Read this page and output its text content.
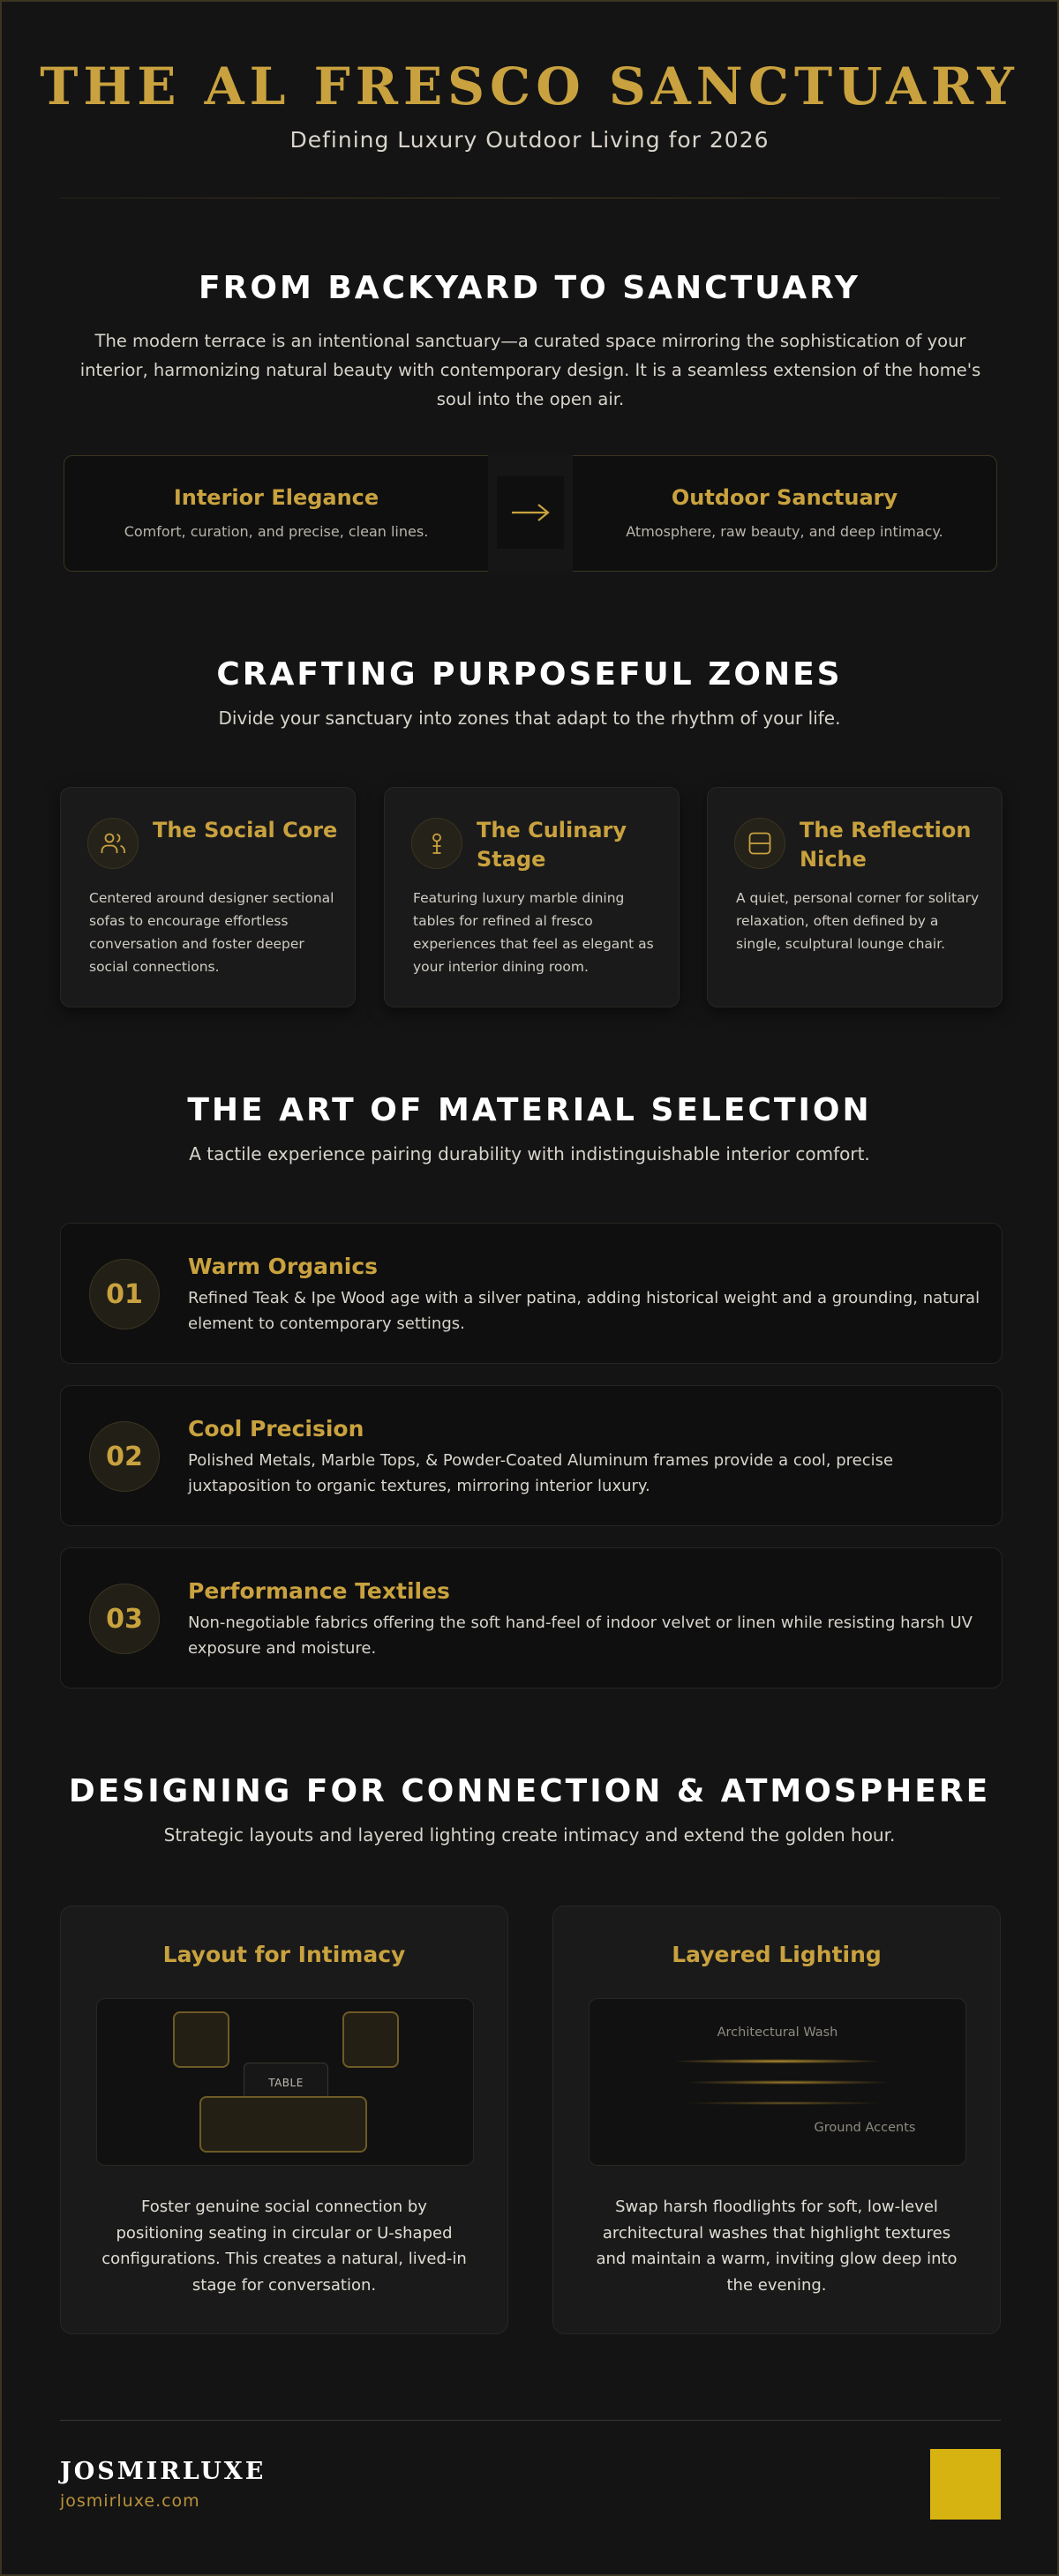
THE AL FRESCO SANCTUARY
Defining Luxury Outdoor Living for 2026
FROM BACKYARD TO SANCTUARY
The modern terrace is an intentional sanctuary—a curated space mirroring the sophistication of your interior, harmonizing natural beauty with contemporary design. It is a seamless extension of the home's soul into the open air.
Interior Elegance

Comfort, curation, and precise, clean lines.

Outdoor Sanctuary

Atmosphere, raw beauty, and deep intimacy.

CRAFTING PURPOSEFUL ZONES
Divide your sanctuary into zones that adapt to the rhythm of your life.
The Social Core

Centered around designer sectional sofas to encourage effortless conversation and foster deeper social connections.

The Culinary Stage

Featuring luxury marble dining tables for refined al fresco experiences that feel as elegant as your interior dining room.

The Reflection Niche

A quiet, personal corner for solitary relaxation, often defined by a single, sculptural lounge chair.

THE ART OF MATERIAL SELECTION
A tactile experience pairing durability with indistinguishable interior comfort.
01
Warm Organics

Refined Teak & Ipe Wood age with a silver patina, adding historical weight and a grounding, natural element to contemporary settings.

02
Cool Precision

Polished Metals, Marble Tops, & Powder-Coated Aluminum frames provide a cool, precise juxtaposition to organic textures, mirroring interior luxury.

03
Performance Textiles

Non-negotiable fabrics offering the soft hand-feel of indoor velvet or linen while resisting harsh UV exposure and moisture.

DESIGNING FOR CONNECTION & ATMOSPHERE
Strategic layouts and layered lighting create intimacy and extend the golden hour.
Layout for Intimacy
TABLE

Foster genuine social connection by positioning seating in circular or U-shaped configurations. This creates a natural, lived-in stage for conversation.

Layered Lighting
Architectural Wash
Ground Accents

Swap harsh floodlights for soft, low-level architectural washes that highlight textures and maintain a warm, inviting glow deep into the evening.

JOSMIRLUXE
josmirluxe.com
